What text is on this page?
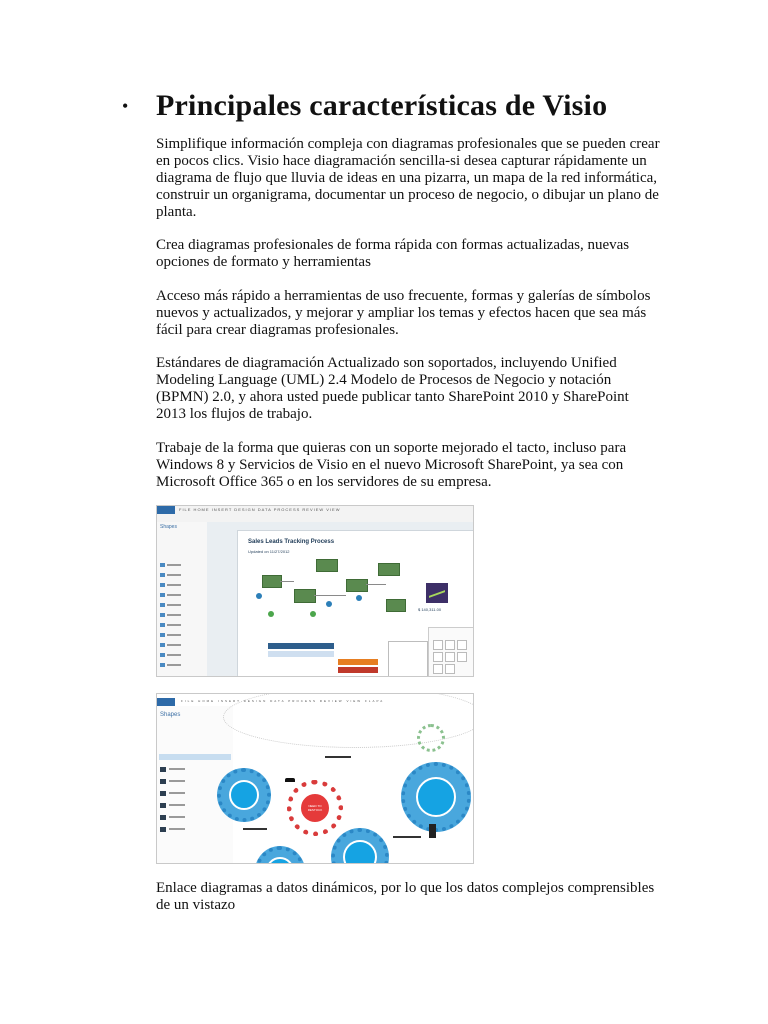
• Principales características de Visio

Simplifique información compleja con diagramas profesionales que se pueden crear en pocos clics. Visio hace diagramación sencilla-si desea capturar rápidamente un diagrama de flujo que lluvia de ideas en una pizarra, un mapa de la red informática, construir un organigrama, documentar un proceso de negocio, o dibujar un plano de planta.

Crea diagramas profesionales de forma rápida con formas actualizadas, nuevas opciones de formato y herramientas

Acceso más rápido a herramientas de uso frecuente, formas y galerías de símbolos nuevos y actualizados, y mejorar y ampliar los temas y efectos hacen que sea más fácil para crear diagramas profesionales.

Estándares de diagramación Actualizado son soportados, incluyendo Unified Modeling Language (UML) 2.4 Modelo de Procesos de Negocio y notación (BPMN) 2.0, y ahora usted puede publicar tanto SharePoint 2010 y SharePoint 2013 los flujos de trabajo.

Trabaje de la forma que quieras con un soporte mejorado el tacto, incluso para Windows 8 y Servicios de Visio en el nuevo Microsoft SharePoint, ya sea con Microsoft Office 365 o en los servidores de su empresa.

FILE HOME INSERT DESIGN DATA PROCESS REVIEW VIEW
Shapes
Sales Leads Tracking Process
Updated on 11/27/2012
$ 140,311.00
FILE HOME INSERT DESIGN DATA PROCESS REVIEW VIEW FLAPA
Shapes
NEED TO RESTOCK

Enlace diagramas a datos dinámicos, por lo que los datos complejos comprensibles de un vistazo
